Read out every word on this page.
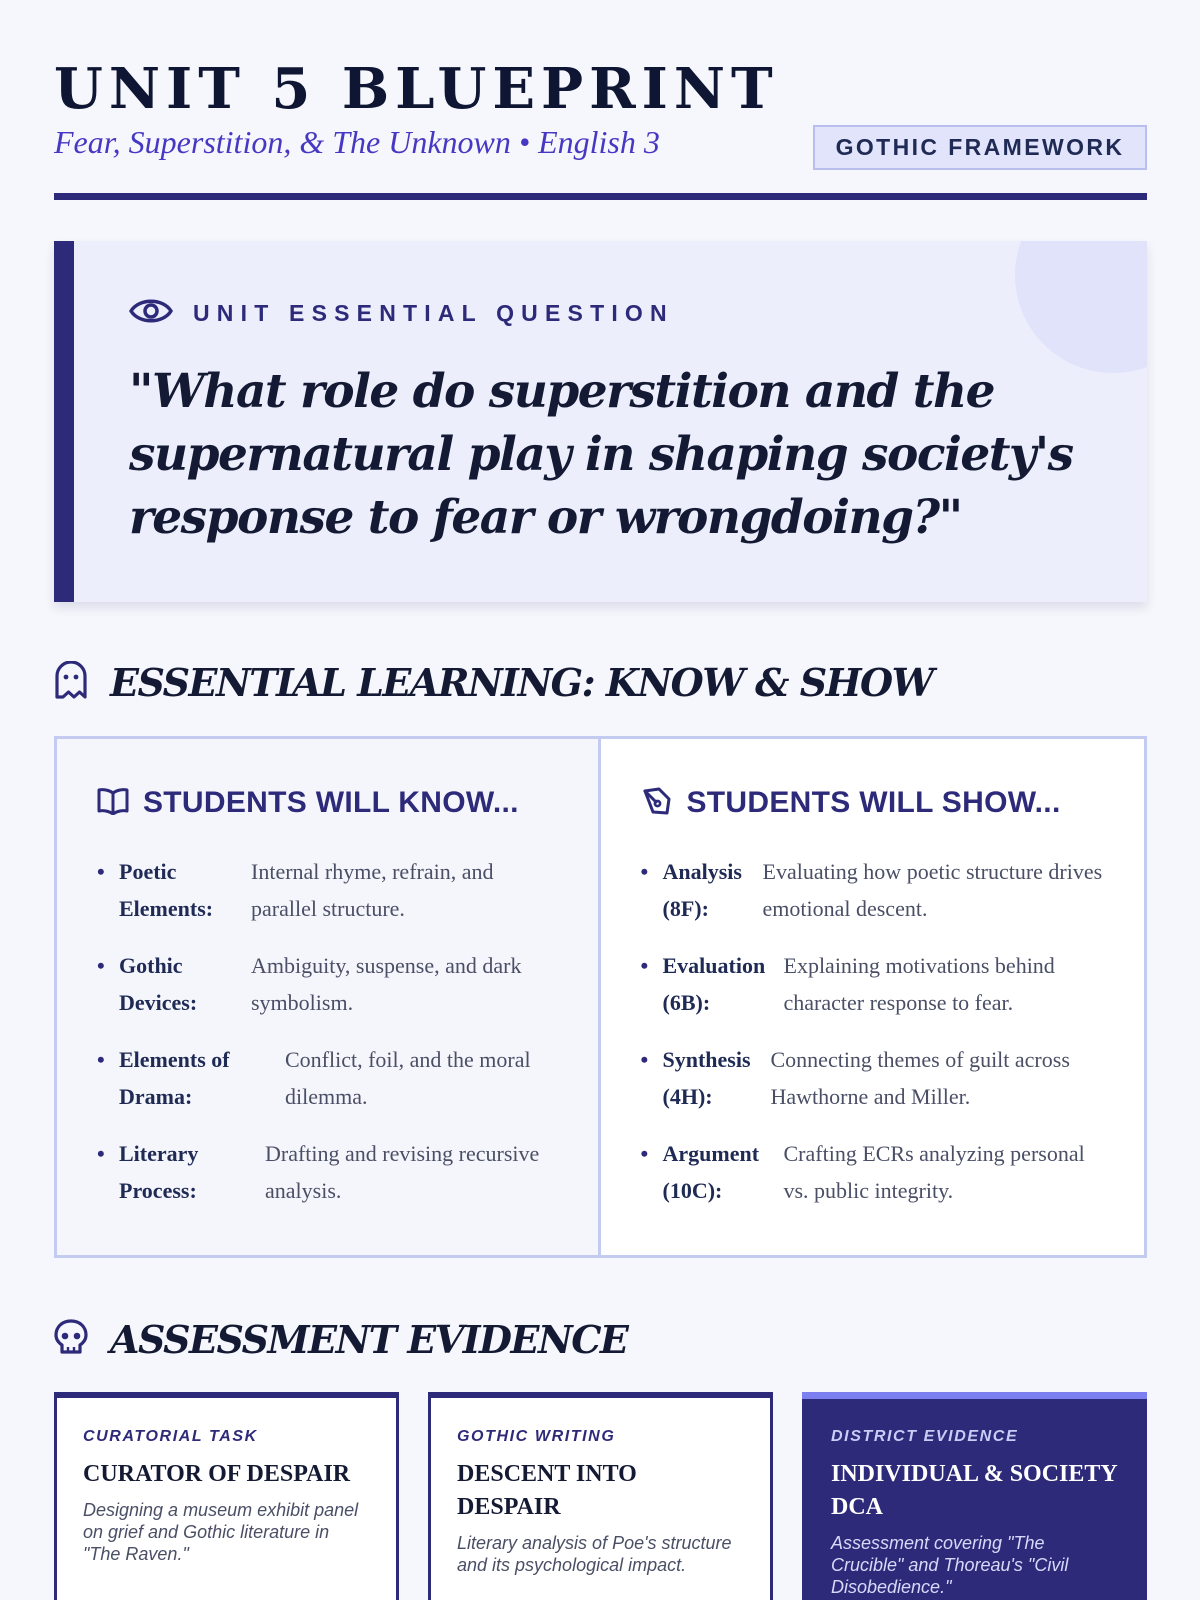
UNIT 5 BLUEPRINT
Fear, Superstition, & The Unknown • English 3	GOTHIC FRAMEWORK
UNIT ESSENTIAL QUESTION
"What role do superstition and the supernatural play in shaping society's response to fear or wrongdoing?"
ESSENTIAL LEARNING: KNOW & SHOW
STUDENTS WILL KNOW...
• Poetic Elements:
Internal rhyme, refrain, and parallel structure.
• Gothic Devices:
Ambiguity, suspense, and dark symbolism.
• Elements of Drama:
Conflict, foil, and the moral dilemma.
• Literary Process:
Drafting and revising recursive analysis.
STUDENTS WILL SHOW...
• Analysis (8F):
Evaluating how poetic structure drives emotional descent.
• Evaluation (6B):
Explaining motivations behind character response to fear.
• Synthesis (4H):
Connecting themes of guilt across Hawthorne and Miller.
• Argument (10C):
Crafting ECRs analyzing personal vs. public integrity.
ASSESSMENT EVIDENCE
CURATORIAL TASK
CURATOR OF DESPAIR
Designing a museum exhibit panel on grief and Gothic literature in "The Raven."
GOTHIC WRITING
DESCENT INTO DESPAIR
Literary analysis of Poe's structure and its psychological impact.
DISTRICT EVIDENCE
INDIVIDUAL & SOCIETY DCA
Assessment covering "The Crucible" and Thoreau's "Civil Disobedience."
